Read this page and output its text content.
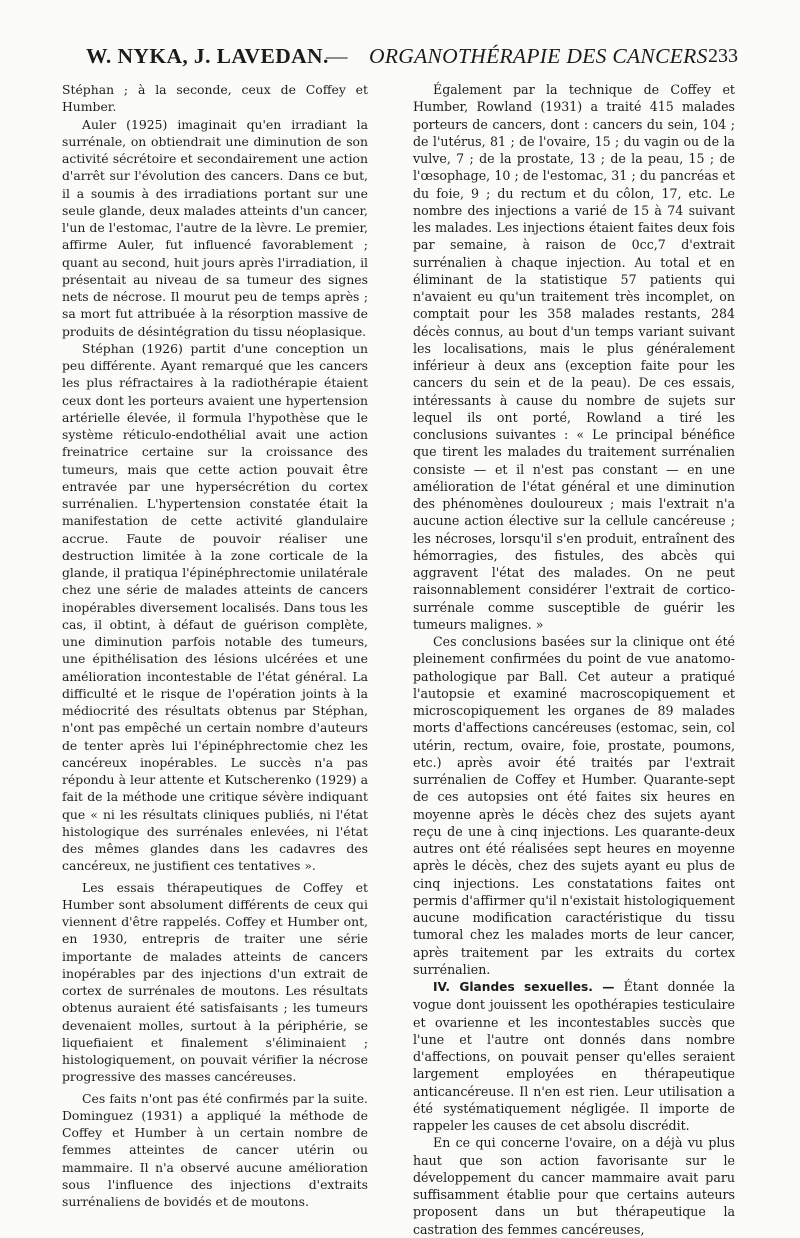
W. NYKA, J. LAVEDAN.
— ORGANOTHÉRAPIE DES CANCERS 233

Stéphan ; à la seconde, ceux de Coffey et Humber.

Auler (1925) imaginait qu'en irradiant la surrénale, on obtiendrait une diminution de son activité sécrétoire et secondairement une action d'arrêt sur l'évolution des cancers. Dans ce but, il a soumis à des irradiations portant sur une seule glande, deux malades atteints d'un cancer, l'un de l'estomac, l'autre de la lèvre. Le premier, affirme Auler, fut influencé favorablement ; quant au second, huit jours après l'irradiation, il présentait au niveau de sa tumeur des signes nets de nécrose. Il mourut peu de temps après ; sa mort fut attribuée à la résorption massive de produits de désintégration du tissu néoplasique.

Stéphan (1926) partit d'une conception un peu différente. Ayant remarqué que les cancers les plus réfractaires à la radiothérapie étaient ceux dont les porteurs avaient une hypertension artérielle élevée, il formula l'hypothèse que le système réticulo-endothélial avait une action freinatrice certaine sur la croissance des tumeurs, mais que cette action pouvait être entravée par une hypersécrétion du cortex surrénalien. L'hypertension constatée était la manifestation de cette activité glandulaire accrue. Faute de pouvoir réaliser une destruction limitée à la zone corticale de la glande, il pratiqua l'épinéphrectomie unilatérale chez une série de malades atteints de cancers inopérables diversement localisés. Dans tous les cas, il obtint, à défaut de guérison complète, une diminution parfois notable des tumeurs, une épithélisation des lésions ulcérées et une amélioration incontestable de l'état général. La difficulté et le risque de l'opération joints à la médiocrité des résultats obtenus par Stéphan, n'ont pas empêché un certain nombre d'auteurs de tenter après lui l'épinéphrectomie chez les cancéreux inopérables. Le succès n'a pas répondu à leur attente et Kutscherenko (1929) a fait de la méthode une critique sévère indiquant que « ni les résultats cliniques publiés, ni l'état histologique des surrénales enlevées, ni l'état des mêmes glandes dans les cadavres des cancéreux, ne justifient ces tentatives ».

Les essais thérapeutiques de Coffey et Humber sont absolument différents de ceux qui viennent d'être rappelés. Coffey et Humber ont, en 1930, entrepris de traiter une série importante de malades atteints de cancers inopérables par des injections d'un extrait de cortex de surrénales de moutons. Les résultats obtenus auraient été satisfaisants ; les tumeurs devenaient molles, surtout à la périphérie, se liquefiaient et finalement s'éliminaient ; histologiquement, on pouvait vérifier la nécrose progressive des masses cancéreuses.

Ces faits n'ont pas été confirmés par la suite. Dominguez (1931) a appliqué la méthode de Coffey et Humber à un certain nombre de femmes atteintes de cancer utérin ou mammaire. Il n'a observé aucune amélioration sous l'influence des injections d'extraits surrénaliens de bovidés et de moutons.

Également par la technique de Coffey et Humber, Rowland (1931) a traité 415 malades porteurs de cancers, dont : cancers du sein, 104 ; de l'utérus, 81 ; de l'ovaire, 15 ; du vagin ou de la vulve, 7 ; de la prostate, 13 ; de la peau, 15 ; de l'œsophage, 10 ; de l'estomac, 31 ; du pancréas et du foie, 9 ; du rectum et du côlon, 17, etc. Le nombre des injections a varié de 15 à 74 suivant les malades. Les injections étaient faites deux fois par semaine, à raison de 0cc,7 d'extrait surrénalien à chaque injection. Au total et en éliminant de la statistique 57 patients qui n'avaient eu qu'un traitement très incomplet, on comptait pour les 358 malades restants, 284 décès connus, au bout d'un temps variant suivant les localisations, mais le plus généralement inférieur à deux ans (exception faite pour les cancers du sein et de la peau). De ces essais, intéressants à cause du nombre de sujets sur lequel ils ont porté, Rowland a tiré les conclusions suivantes : « Le principal bénéfice que tirent les malades du traitement surrénalien consiste — et il n'est pas constant — en une amélioration de l'état général et une diminution des phénomènes douloureux ; mais l'extrait n'a aucune action élective sur la cellule cancéreuse ; les nécroses, lorsqu'il s'en produit, entraînent des hémorragies, des fistules, des abcès qui aggravent l'état des malades. On ne peut raisonnablement considérer l'extrait de cortico-surrénale comme susceptible de guérir les tumeurs malignes. »

Ces conclusions basées sur la clinique ont été pleinement confirmées du point de vue anatomo-pathologique par Ball. Cet auteur a pratiqué l'autopsie et examiné macroscopiquement et microscopiquement les organes de 89 malades morts d'affections cancéreuses (estomac, sein, col utérin, rectum, ovaire, foie, prostate, poumons, etc.) après avoir été traités par l'extrait surrénalien de Coffey et Humber. Quarante-sept de ces autopsies ont été faites six heures en moyenne après le décès chez des sujets ayant reçu de une à cinq injections. Les quarante-deux autres ont été réalisées sept heures en moyenne après le décès, chez des sujets ayant eu plus de cinq injections. Les constatations faites ont permis d'affirmer qu'il n'existait histologiquement aucune modification caractéristique du tissu tumoral chez les malades morts de leur cancer, après traitement par les extraits du cortex surrénalien.

IV. Glandes sexuelles. — Étant donnée la vogue dont jouissent les opothérapies testiculaire et ovarienne et les incontestables succès que l'une et l'autre ont donnés dans nombre d'affections, on pouvait penser qu'elles seraient largement employées en thérapeutique anticancéreuse. Il n'en est rien. Leur utilisation a été systématiquement négligée. Il importe de rappeler les causes de cet absolu discrédit.

En ce qui concerne l'ovaire, on a déjà vu plus haut que son action favorisante sur le développement du cancer mammaire avait paru suffisamment établie pour que certains auteurs proposent dans un but thérapeutique la castration des femmes cancéreuses,
